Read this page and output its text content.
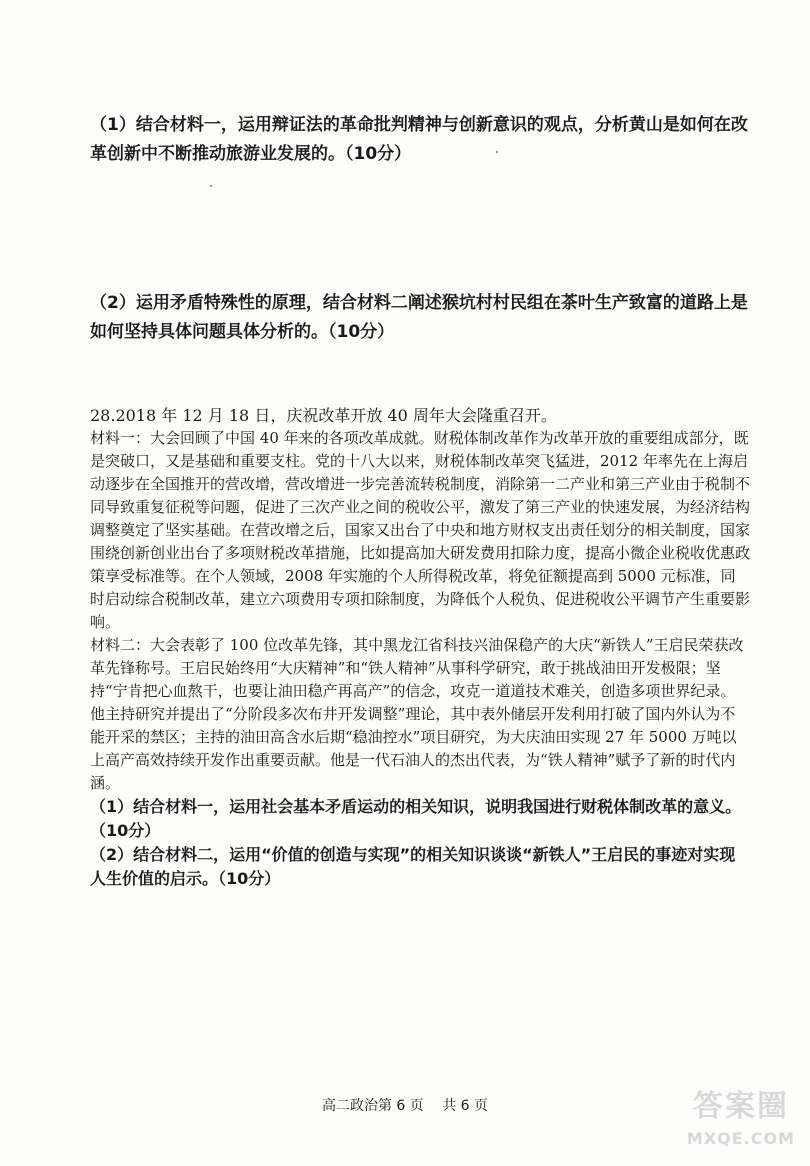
（1）结合材料一，运用辩证法的革命批判精神与创新意识的观点，分析黄山是如何在改革创新中不断推动旅游业发展的。（10分）
（2）运用矛盾特殊性的原理，结合材料二阐述猴坑村村民组在茶叶生产致富的道路上是如何坚持具体问题具体分析的。（10分）

28.2018 年 12 月 18 日，庆祝改革开放 40 周年大会隆重召开。

材料一：大会回顾了中国 40 年来的各项改革成就。财税体制改革作为改革开放的重要组成部分，既是突破口，又是基础和重要支柱。党的十八大以来，财税体制改革突飞猛进，2012 年率先在上海启动逐步在全国推开的营改增，营改增进一步完善流转税制度，消除第一二产业和第三产业由于税制不同导致重复征税等问题，促进了三次产业之间的税收公平，激发了第三产业的快速发展，为经济结构调整奠定了坚实基础。在营改增之后，国家又出台了中央和地方财权支出责任划分的相关制度，国家围绕创新创业出台了多项财税改革措施，比如提高加大研发费用扣除力度，提高小微企业税收优惠政策享受标准等。在个人领域，2008 年实施的个人所得税改革，将免征额提高到 5000 元标准，同时启动综合税制改革，建立六项费用专项扣除制度，为降低个人税负、促进税收公平调节产生重要影响。

材料二：大会表彰了 100 位改革先锋，其中黑龙江省科技兴油保稳产的大庆“新铁人”王启民荣获改革先锋称号。王启民始终用“大庆精神”和“铁人精神”从事科学研究，敢于挑战油田开发极限；坚持“宁肯把心血熬干，也要让油田稳产再高产”的信念，攻克一道道技术难关，创造多项世界纪录。他主持研究并提出了“分阶段多次布井开发调整”理论，其中表外储层开发利用打破了国内外认为不能开采的禁区；主持的油田高含水后期“稳油控水”项目研究，为大庆油田实现 27 年 5000 万吨以上高产高效持续开发作出重要贡献。他是一代石油人的杰出代表，为“铁人精神”赋予了新的时代内涵。

（1）结合材料一，运用社会基本矛盾运动的相关知识，说明我国进行财税体制改革的意义。（10分）

（2）结合材料二，运用“价值的创造与实现”的相关知识谈谈“新铁人”王启民的事迹对实现人生价值的启示。（10分）

高二政治第 6 页 共 6 页	答案圈
MXQE.COM
